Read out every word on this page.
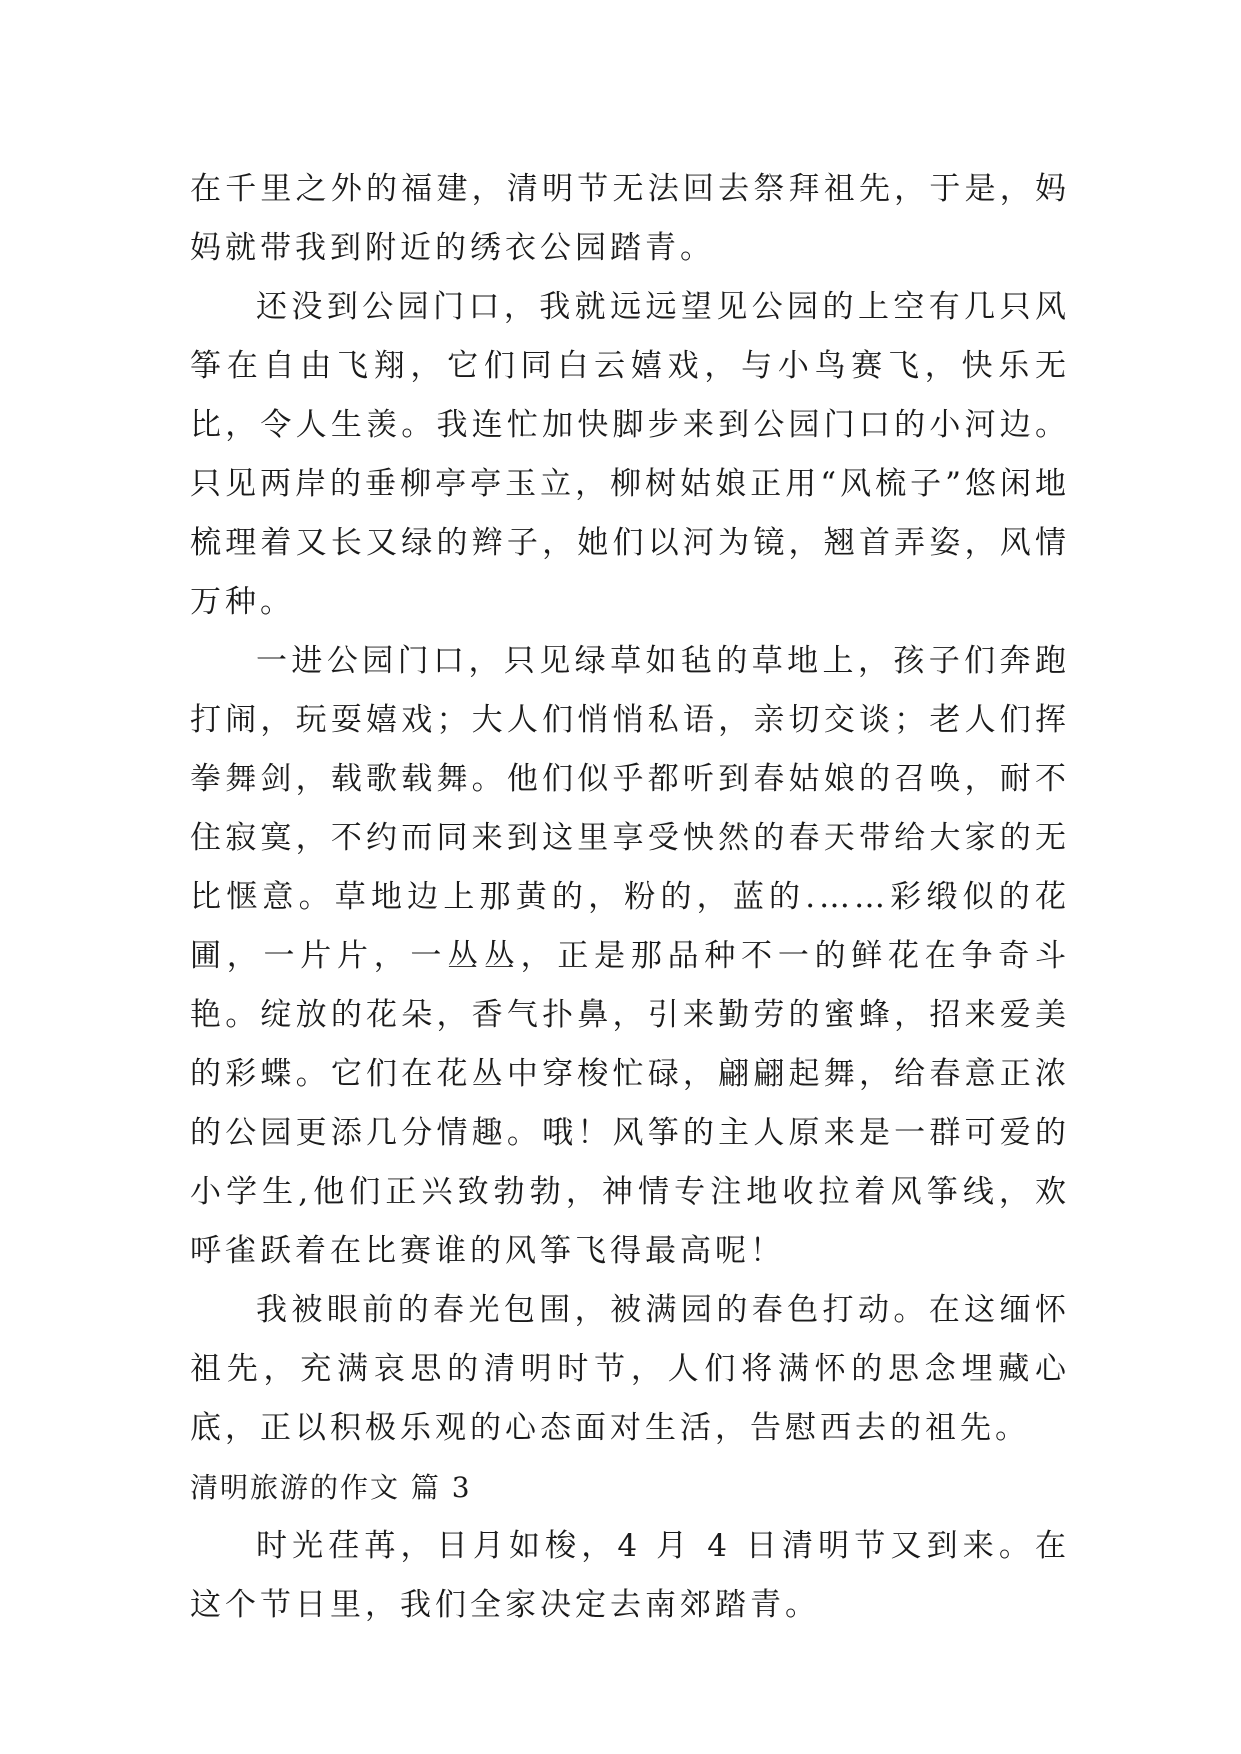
在千里之外的福建，清明节无法回去祭拜祖先，于是，妈妈就带我到附近的绣衣公园踏青。

还没到公园门口，我就远远望见公园的上空有几只风筝在自由飞翔，它们同白云嬉戏，与小鸟赛飞，快乐无比，令人生羡。我连忙加快脚步来到公园门口的小河边。只见两岸的垂柳亭亭玉立，柳树姑娘正用“风梳子”悠闲地梳理着又长又绿的辫子，她们以河为镜，翘首弄姿，风情万种。

一进公园门口，只见绿草如毡的草地上，孩子们奔跑打闹，玩耍嬉戏；大人们悄悄私语，亲切交谈；老人们挥拳舞剑，载歌载舞。他们似乎都听到春姑娘的召唤，耐不住寂寞，不约而同来到这里享受怏然的春天带给大家的无比惬意。草地边上那黄的，粉的，蓝的.……彩缎似的花圃，一片片，一丛丛，正是那品种不一的鲜花在争奇斗艳。绽放的花朵，香气扑鼻，引来勤劳的蜜蜂，招来爱美的彩蝶。它们在花丛中穿梭忙碌，翩翩起舞，给春意正浓的公园更添几分情趣。哦！风筝的主人原来是一群可爱的小学生,他们正兴致勃勃，神情专注地收拉着风筝线，欢呼雀跃着在比赛谁的风筝飞得最高呢！

我被眼前的春光包围，被满园的春色打动。在这缅怀祖先，充满哀思的清明时节，人们将满怀的思念埋藏心底，正以积极乐观的心态面对生活，告慰西去的祖先。

清明旅游的作文 篇 3

时光荏苒，日月如梭，4 月 4 日清明节又到来。在这个节日里，我们全家决定去南郊踏青。
